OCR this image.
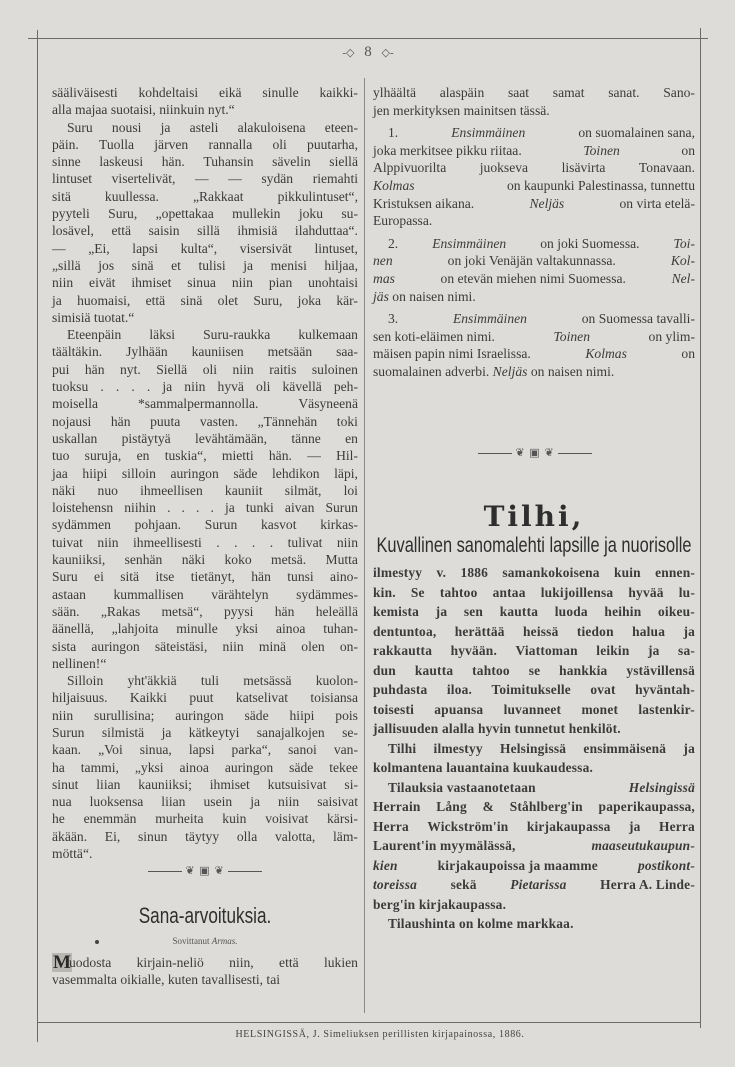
-◇ 8 ◇-
sääliväisesti kohdeltaisi eikä sinulle kaikki-
alla majaa suotaisi, niinkuin nyt.“
Suru nousi ja asteli alakuloisena eteen-
päin. Tuolla järven rannalla oli puutarha,
sinne laskeusi hän. Tuhansin sävelin siellä
lintuset visertelivät, — — sydän riemahti
sitä	kuullessa.	„Rakkaat	pikkulintuset“,
pyyteli Suru, „opettakaa mullekin joku su-
losävel, että saisin sillä ihmisiä ilahduttaa“.
— „Ei, lapsi kulta“, visersivät lintuset,
„sillä jos sinä et tulisi ja menisi hiljaa,
niin eivät ihmiset sinua niin pian unohtaisi
ja huomaisi, että sinä olet Suru, joka kär-
simisiä tuotat.“
Eteenpäin läksi Suru-raukka kulkemaan
täältäkin. Jylhään kauniisen metsään saa-
pui hän nyt. Siellä oli niin raitis suloinen
tuoksu . . . . ja niin hyvä oli kävellä peh-
moisella	*sammalpermannolla.	Väsyneenä
nojausi hän puuta vasten. „Tännehän toki
uskallan pistäytyä levähtämään, tänne en
tuo suruja, en tuskia“, mietti hän. — Hil-
jaa hiipi silloin auringon säde lehdikon läpi,
näki nuo ihmeellisen kauniit silmät, loi
loistehensn niihin . . . . ja tunki aivan Surun
sydämmen pohjaan. Surun kasvot kirkas-
tuivat niin ihmeellisesti . . . . tulivat niin
kauniiksi, senhän näki koko metsä. Mutta
Suru ei sitä itse tietänyt, hän tunsi aino-
astaan kummallisen värähtelyn sydämmes-
sään. „Rakas metsä“, pyysi hän heleällä
äänellä, „lahjoita minulle yksi ainoa tuhan-
sista auringon säteistäsi, niin minä olen on-
nellinen!“
Silloin yht'äkkiä tuli metsässä kuolon-
hiljaisuus. Kaikki puut katselivat toisiansa
niin surullisina; auringon säde hiipi pois
Surun silmistä ja kätkeytyi sanajalkojen se-
kaan. „Voi sinua, lapsi parka“, sanoi van-
ha tammi, „yksi ainoa auringon säde tekee
sinut liian kauniiksi; ihmiset kutsuisivat si-
nua luoksensa liian usein ja niin saisivat
he enemmän murheita kuin voisivat kärsi-
äkään. Ei, sinun täytyy olla valotta, läm-
möttä“.
❦ ▣ ❦
Sana-arvoituksia.
Sovittanut Armas.
M
uodosta kirjain-neliö niin, että lukien
vasemmalta oikialle, kuten tavallisesti, tai
ylhäältä alaspäin saat samat sanat. Sano-
jen merkityksen mainitsen tässä.
1.	Ensimmäinen	on suomalainen sana,
joka merkitsee pikku riitaa.	Toinen	on
Alppivuorilta juokseva lisävirta Tonavaan.
Kolmas	on kaupunki Palestinassa, tunnettu
Kristuksen aikana.	Neljäs	on virta etelä-
Europassa.
2. Ensimmäinen on joki Suomessa. Toi-
nen	on joki Venäjän valtakunnassa.	Kol-
mas	on etevän miehen nimi Suomessa.	Nel-
jäs on naisen nimi.
3.	Ensimmäinen	on Suomessa tavalli-
sen koti-eläimen nimi.	Toinen	on ylim-
mäisen papin nimi Israelissa.	Kolmas	on
suomalainen adverbi. Neljäs on naisen nimi.
❦ ▣ ❦
Tilhi,
Kuvallinen sanomalehti lapsille ja nuorisolle
ilmestyy v. 1886 samankokoisena kuin ennen-
kin. Se tahtoo antaa lukijoillensa hyvää lu-
kemista ja sen kautta luoda heihin oikeu-
dentuntoa, herättää heissä tiedon halua ja
rakkautta hyvään. Viattoman leikin ja sa-
dun kautta tahtoo se hankkia ystävillensä
puhdasta iloa. Toimitukselle ovat hyväntah-
toisesti apuansa luvanneet monet lastenkir-
jallisuuden alalla hyvin tunnetut henkilöt.
Tilhi ilmestyy Helsingissä ensimmäisenä ja
kolmantena lauantaina kuukaudessa.
Tilauksia vastaanotetaan	Helsingissä
Herrain Lång & Ståhlberg'in paperikaupassa,
Herra Wickström'in kirjakaupassa ja Herra
Laurent'in myymälässä,	maaseutukaupun-
kien	kirjakaupoissa ja maamme	postikont-
toreissa sekä Pietarissa Herra A. Linde-
berg'in kirjakaupassa.
Tilaushinta on kolme markkaa.
HELSINGISSÄ, J. Simeliuksen perillisten kirjapainossa, 1886.
